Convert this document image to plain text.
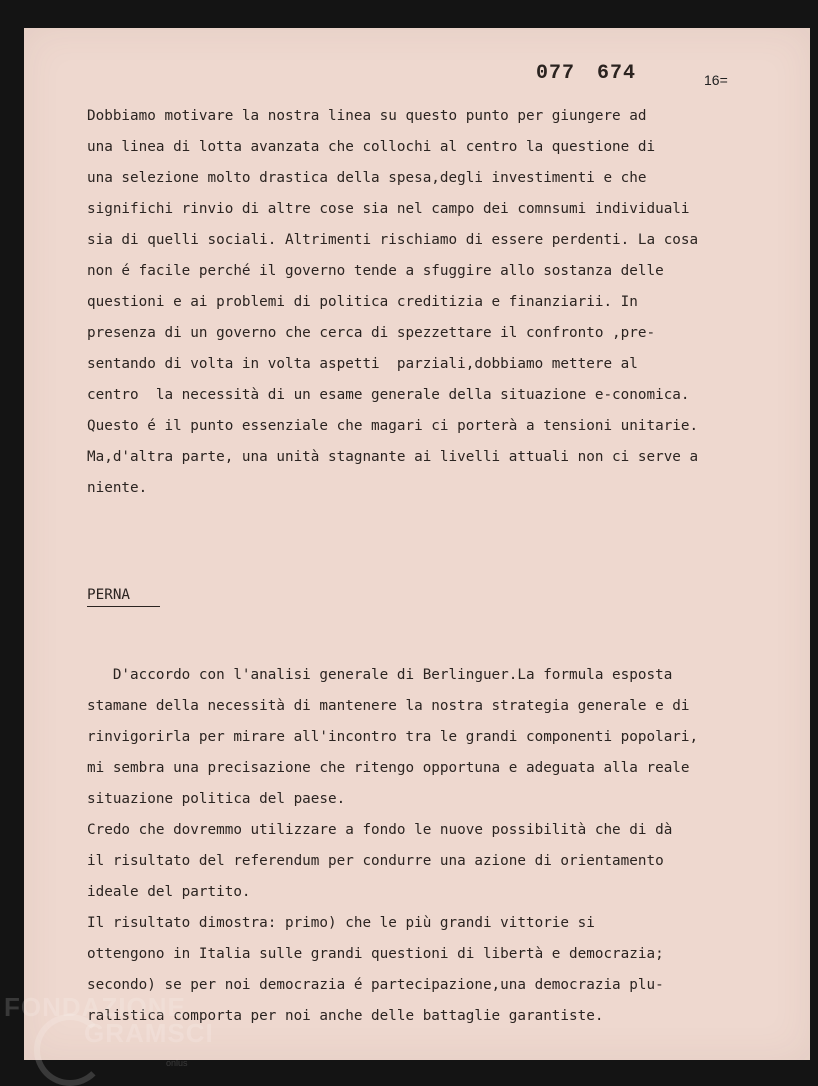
077 674	16=
Dobbiamo motivare la nostra linea su questo punto per giungere ad
una linea di lotta avanzata che collochi al centro la questione di
una selezione molto drastica della spesa,degli investimenti e che
significhi rinvio di altre cose sia nel campo dei comnsumi individuali
sia di quelli sociali. Altrimenti rischiamo di essere perdenti. La cosa
non é facile perché il governo tende a sfuggire allo sostanza delle
questioni e ai problemi di politica creditizia e finanziarii. In
presenza di un governo che cerca di spezzettare il confronto ,pre-
sentando di volta in volta aspetti  parziali,dobbiamo mettere al
centro  la necessità di un esame generale della situazione e-conomica.
Questo é il punto essenziale che magari ci porterà a tensioni unitarie.
Ma,d'altra parte, una unità stagnante ai livelli attuali non ci serve a
niente.
PERNA
D'accordo con l'analisi generale di Berlinguer.La formula esposta
stamane della necessità di mantenere la nostra strategia generale e di
rinvigorirla per mirare all'incontro tra le grandi componenti popolari,
mi sembra una precisazione che ritengo opportuna e adeguata alla reale
situazione politica del paese.
Credo che dovremmo utilizzare a fondo le nuove possibilità che di dà
il risultato del referendum per condurre una azione di orientamento
ideale del partito.
Il risultato dimostra: primo) che le più grandi vittorie si
ottengono in Italia sulle grandi questioni di libertà e democrazia;
secondo) se per noi democrazia é partecipazione,una democrazia plu-
ralistica comporta per noi anche delle battaglie garantiste.
FONDAZIONE
GRAMSCI
onlus
